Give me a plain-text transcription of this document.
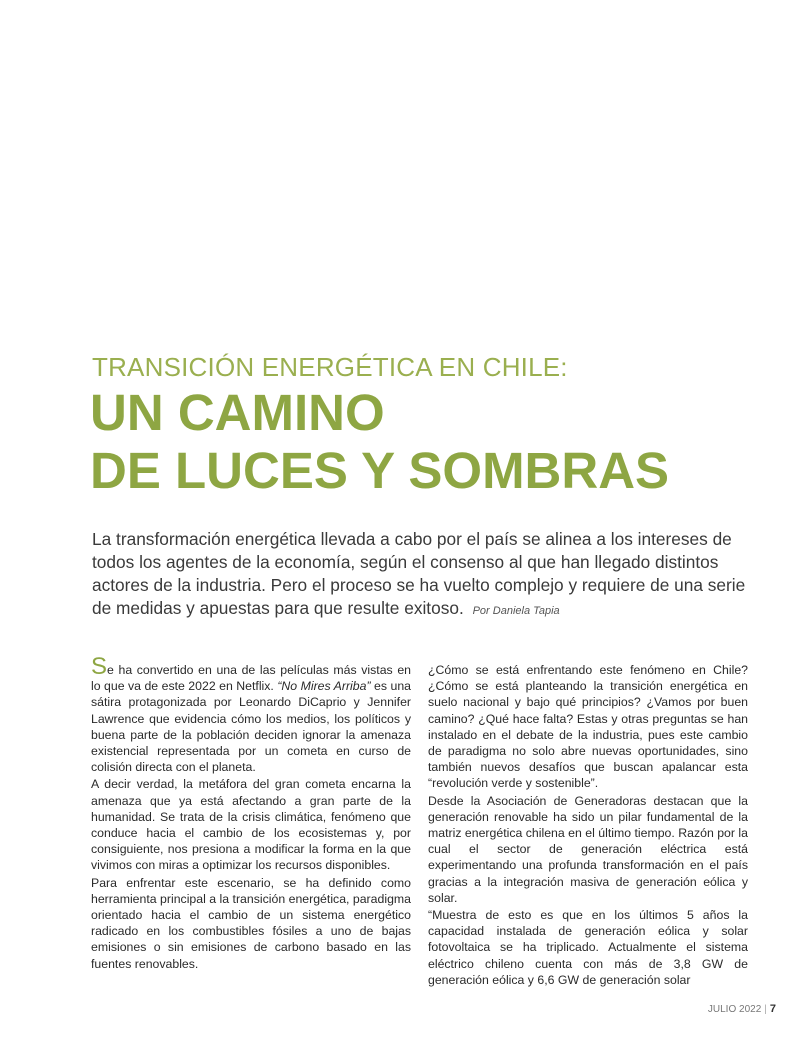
TRANSICIÓN ENERGÉTICA EN CHILE:
UN CAMINO
DE LUCES Y SOMBRAS

La transformación energética llevada a cabo por el país se alinea a los intereses de todos los agentes de la economía, según el consenso al que han llegado distintos actores de la industria. Pero el proceso se ha vuelto complejo y requiere de una serie de medidas y apuestas para que resulte exitoso. Por Daniela Tapia

Se ha convertido en una de las películas más vistas en lo que va de este 2022 en Netflix. “No Mires Arriba” es una sátira protagonizada por Leonardo DiCaprio y Jennifer Lawrence que evidencia cómo los medios, los políticos y buena parte de la población deciden ignorar la amenaza existencial representada por un cometa en curso de colisión directa con el planeta.

A decir verdad, la metáfora del gran cometa encarna la amenaza que ya está afectando a gran parte de la humanidad. Se trata de la crisis climática, fenómeno que conduce hacia el cambio de los ecosistemas y, por consiguiente, nos presiona a modificar la forma en la que vivimos con miras a optimizar los recursos disponibles.

Para enfrentar este escenario, se ha definido como herramienta principal a la transición energética, paradigma orientado hacia el cambio de un sistema energético radicado en los combustibles fósiles a uno de bajas emisiones o sin emisiones de carbono basado en las fuentes renovables.

¿Cómo se está enfrentando este fenómeno en Chile? ¿Cómo se está planteando la transición energética en suelo nacional y bajo qué principios? ¿Vamos por buen camino? ¿Qué hace falta? Estas y otras preguntas se han instalado en el debate de la industria, pues este cambio de paradigma no solo abre nuevas oportunidades, sino también nuevos desafíos que buscan apalancar esta “revolución verde y sostenible”.

Desde la Asociación de Generadoras destacan que la generación renovable ha sido un pilar fundamental de la matriz energética chilena en el último tiempo. Razón por la cual el sector de generación eléctrica está experimentando una profunda transformación en el país gracias a la integración masiva de generación eólica y solar.

“Muestra de esto es que en los últimos 5 años la capacidad instalada de generación eólica y solar fotovoltaica se ha triplicado. Actualmente el sistema eléctrico chileno cuenta con más de 3,8 GW de generación eólica y 6,6 GW de generación solar

JULIO 2022 | 7
